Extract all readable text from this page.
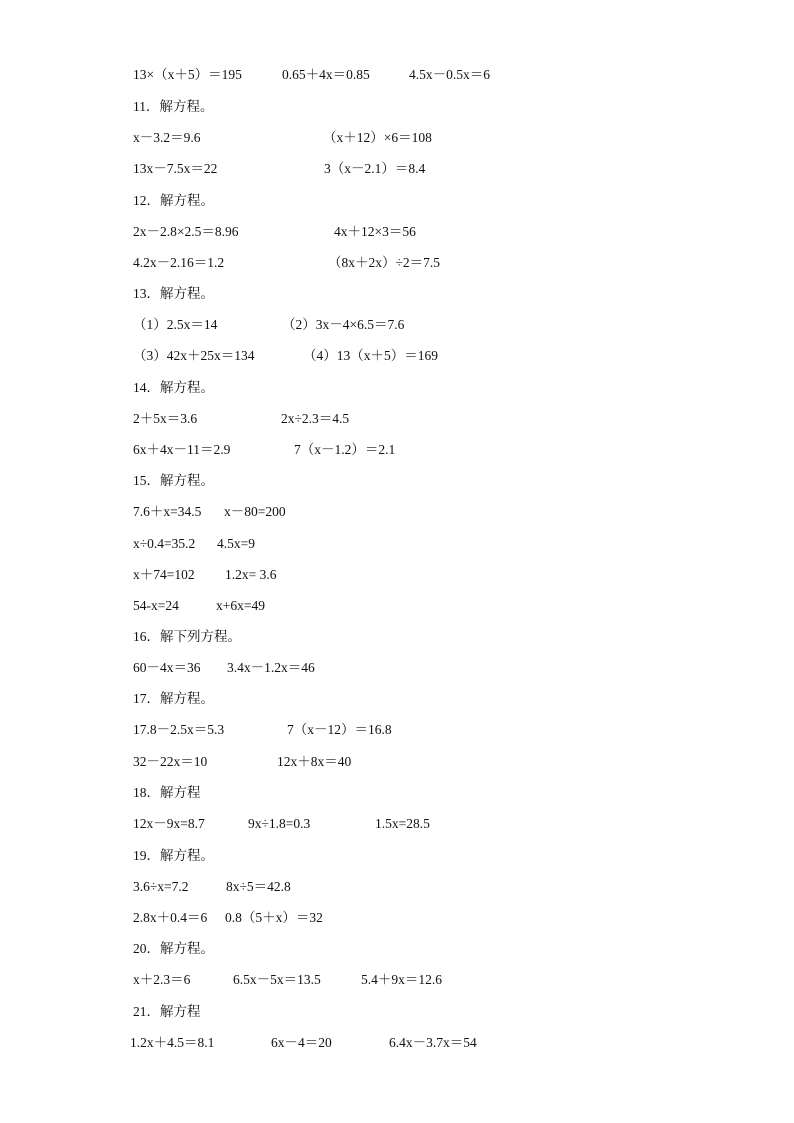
13×（x＋5）＝195	0.65＋4x＝0.85	4.5x－0.5x＝6
11．解方程。
x－3.2＝9.6	（x＋12）×6＝108
13x－7.5x＝22	3（x－2.1）＝8.4
12．解方程。
2x－2.8×2.5＝8.96	4x＋12×3＝56
4.2x－2.16＝1.2	（8x＋2x）÷2＝7.5
13．解方程。
（1）2.5x＝14	（2）3x－4×6.5＝7.6
（3）42x＋25x＝134	（4）13（x＋5）＝169
14．解方程。
2＋5x＝3.6	2x÷2.3＝4.5
6x＋4x－11＝2.9	7（x－1.2）＝2.1
15．解方程。
7.6＋x=34.5 x－80=200
x÷0.4=35.2 4.5x=9
x＋74=102 1.2x= 3.6
54-x=24	x+6x=49
16．解下列方程。
60－4x＝36 3.4x－1.2x＝46
17．解方程。
17.8－2.5x＝5.3	7（x－12）＝16.8
32－22x＝10	12x＋8x＝40
18．解方程
12x－9x=8.7	9x÷1.8=0.3	1.5x=28.5
19．解方程。
3.6÷x=7.2	8x÷5＝42.8
2.8x＋0.4＝6 0.8（5＋x）＝32
20．解方程。
x＋2.3＝6	6.5x－5x＝13.5	5.4＋9x＝12.6
21．解方程
1.2x＋4.5＝8.1	6x－4＝20	6.4x－3.7x＝54
